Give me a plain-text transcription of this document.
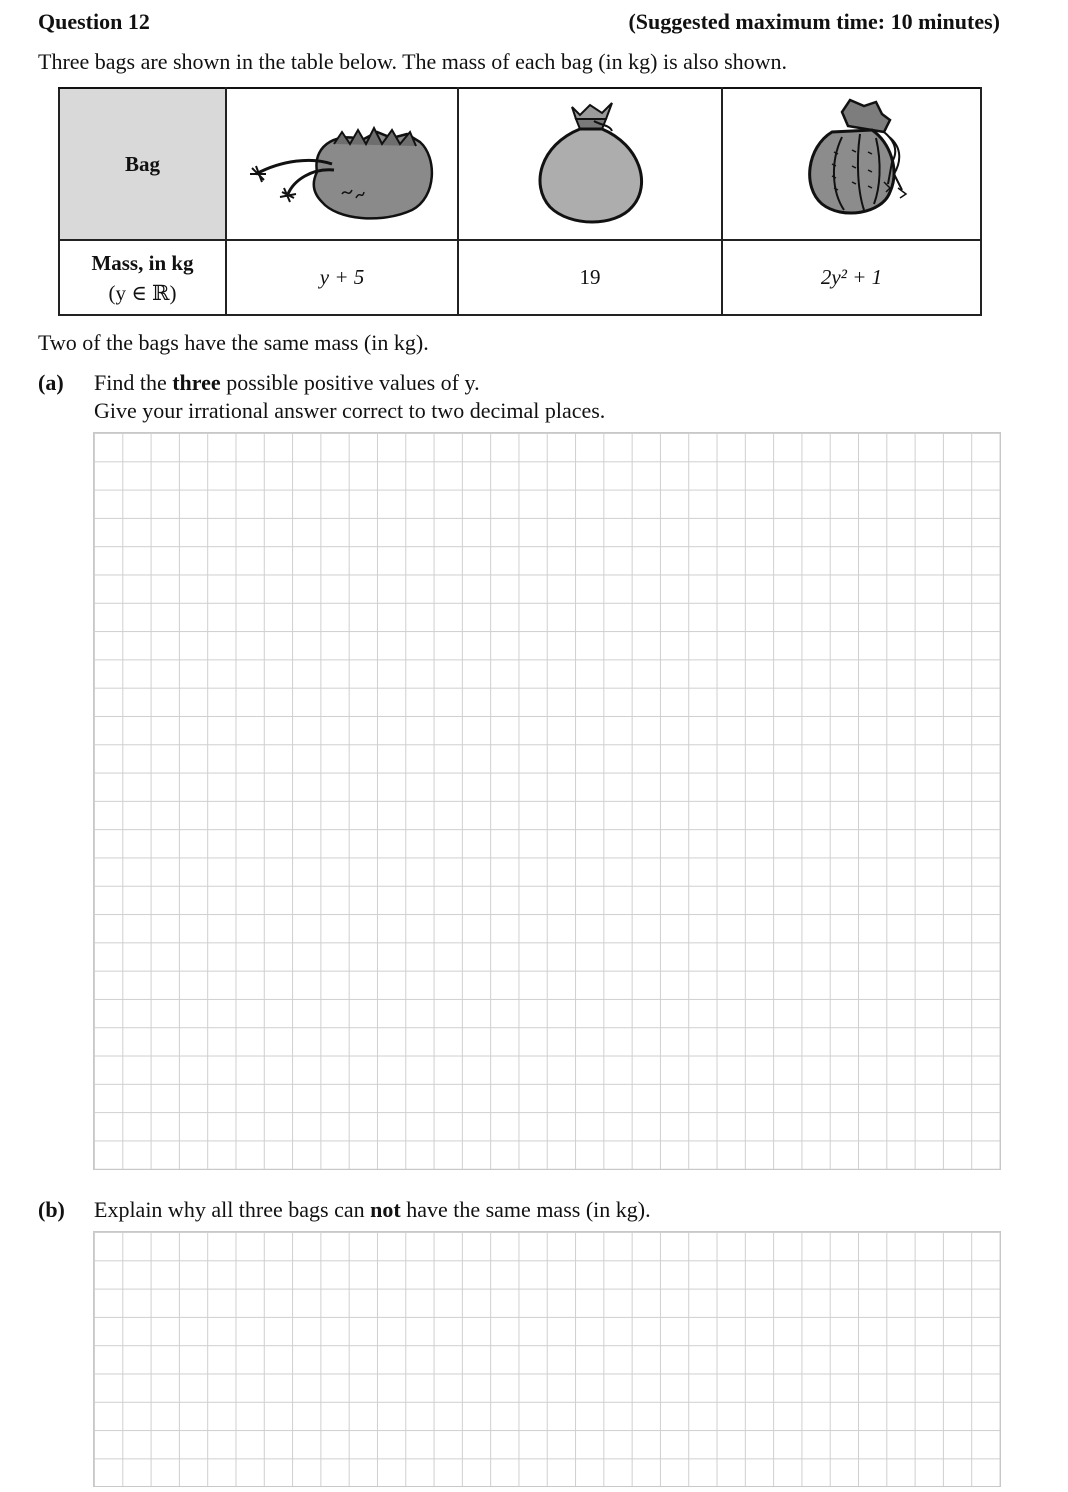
Question 12	(Suggested maximum time: 10 minutes)
Three bags are shown in the table below. The mass of each bag (in kg) is also shown.
Bag			

Mass, in kg
(y ∈ ℝ)	y + 5	19	2y² + 1
Two of the bags have the same mass (in kg).
(a) Find the three possible positive values of y.
Give your irrational answer correct to two decimal places.
(b) Explain why all three bags can not have the same mass (in kg).
